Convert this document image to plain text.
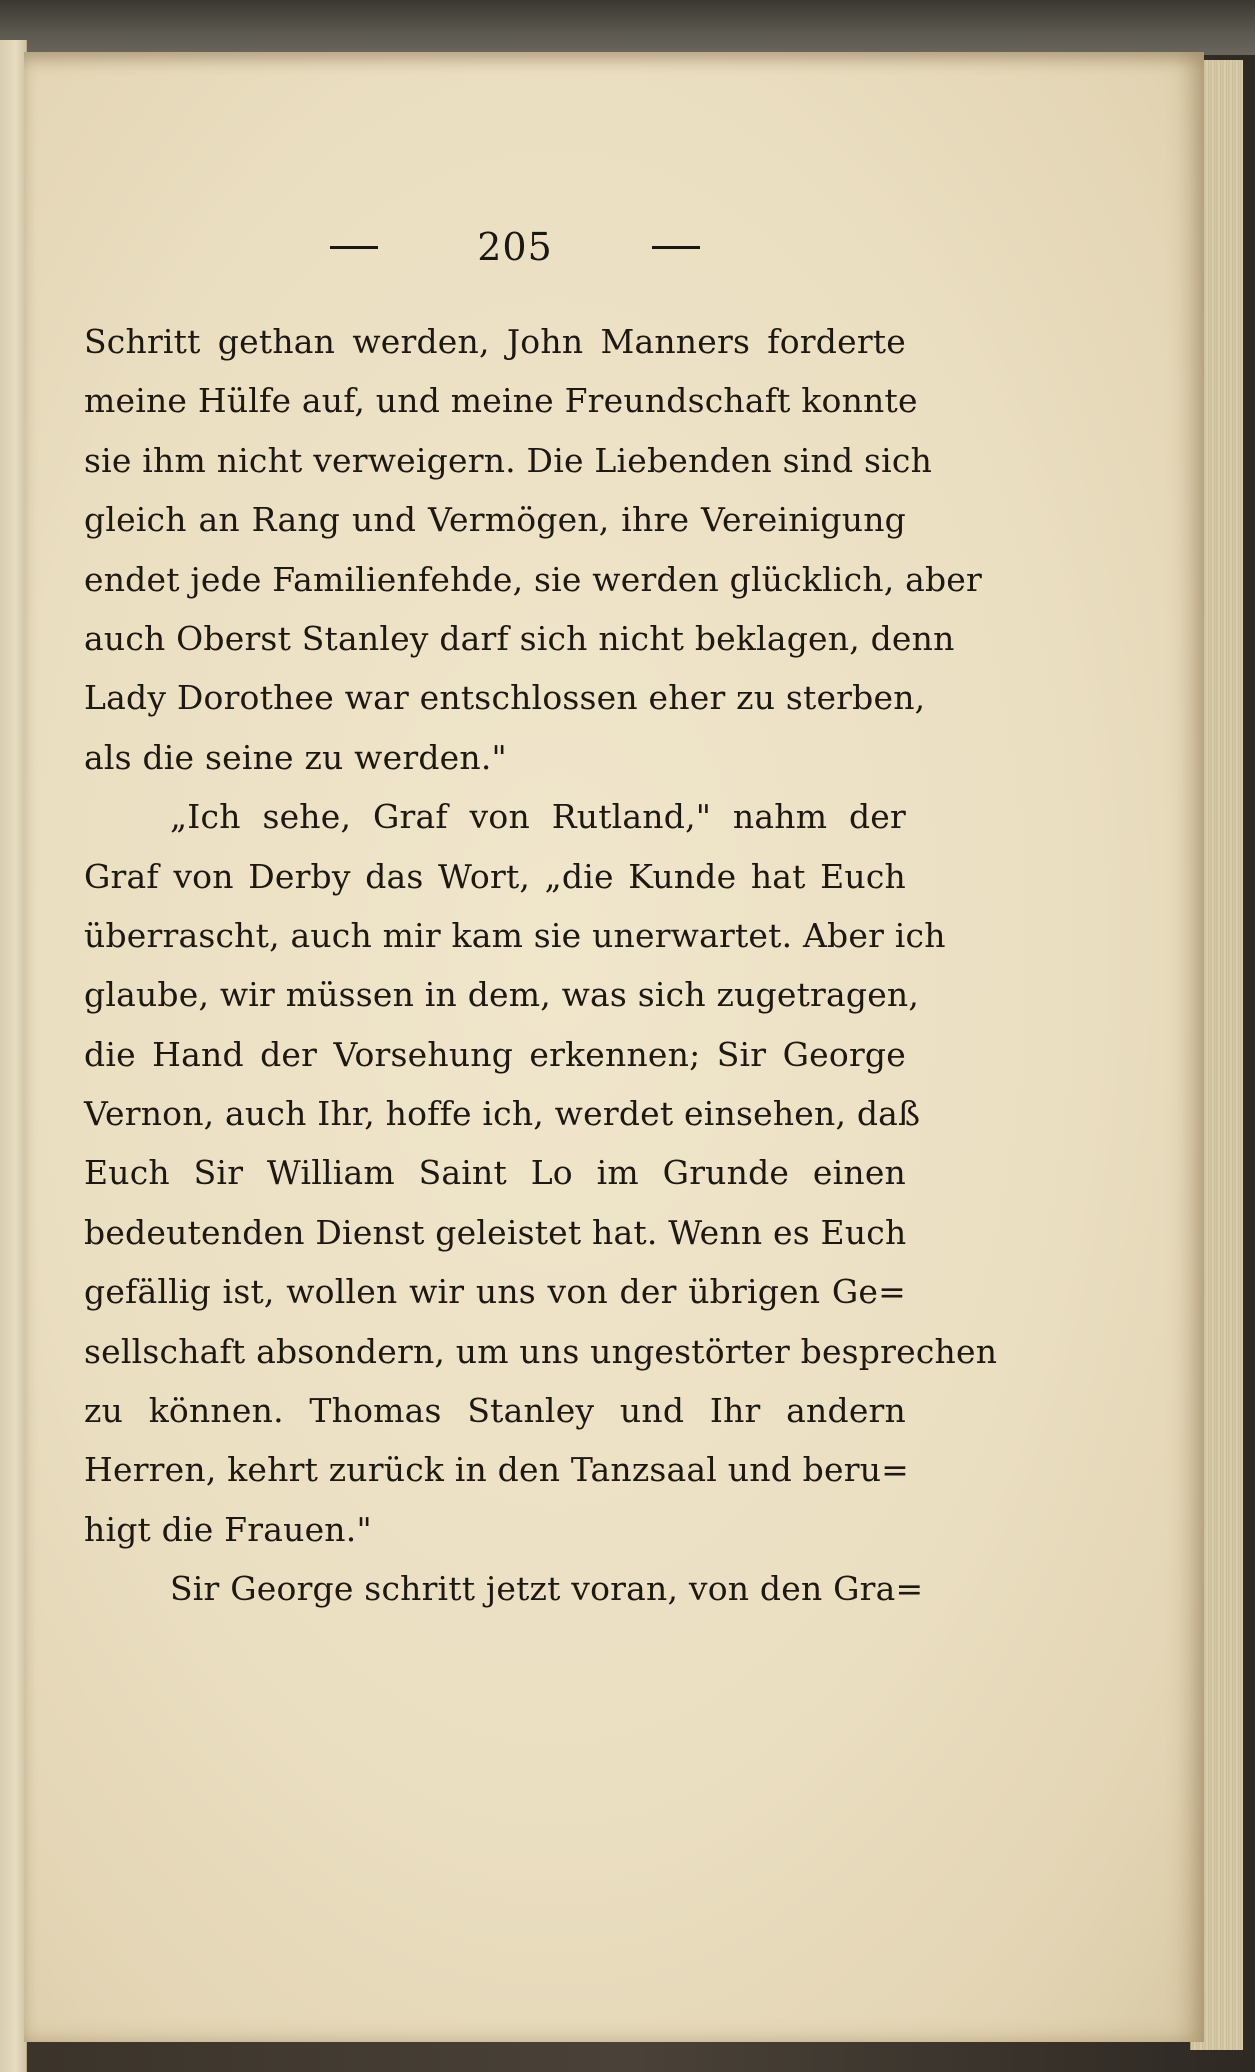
205
Schritt gethan werden, John Manners forderte
meine Hülfe auf, und meine Freundschaft konnte
sie ihm nicht verweigern. Die Liebenden sind sich
gleich an Rang und Vermögen, ihre Vereinigung
endet jede Familienfehde, sie werden glücklich, aber
auch Oberst Stanley darf sich nicht beklagen, denn
Lady Dorothee war entschlossen eher zu sterben,
als die seine zu werden."
„Ich sehe, Graf von Rutland," nahm der
Graf von Derby das Wort, „die Kunde hat Euch
überrascht, auch mir kam sie unerwartet. Aber ich
glaube, wir müssen in dem, was sich zugetragen,
die Hand der Vorsehung erkennen; Sir George
Vernon, auch Ihr, hoffe ich, werdet einsehen, daß
Euch Sir William Saint Lo im Grunde einen
bedeutenden Dienst geleistet hat. Wenn es Euch
gefällig ist, wollen wir uns von der übrigen Ge=
sellschaft absondern, um uns ungestörter besprechen
zu können. Thomas Stanley und Ihr andern
Herren, kehrt zurück in den Tanzsaal und beru=
higt die Frauen."
Sir George schritt jetzt voran, von den Gra=
